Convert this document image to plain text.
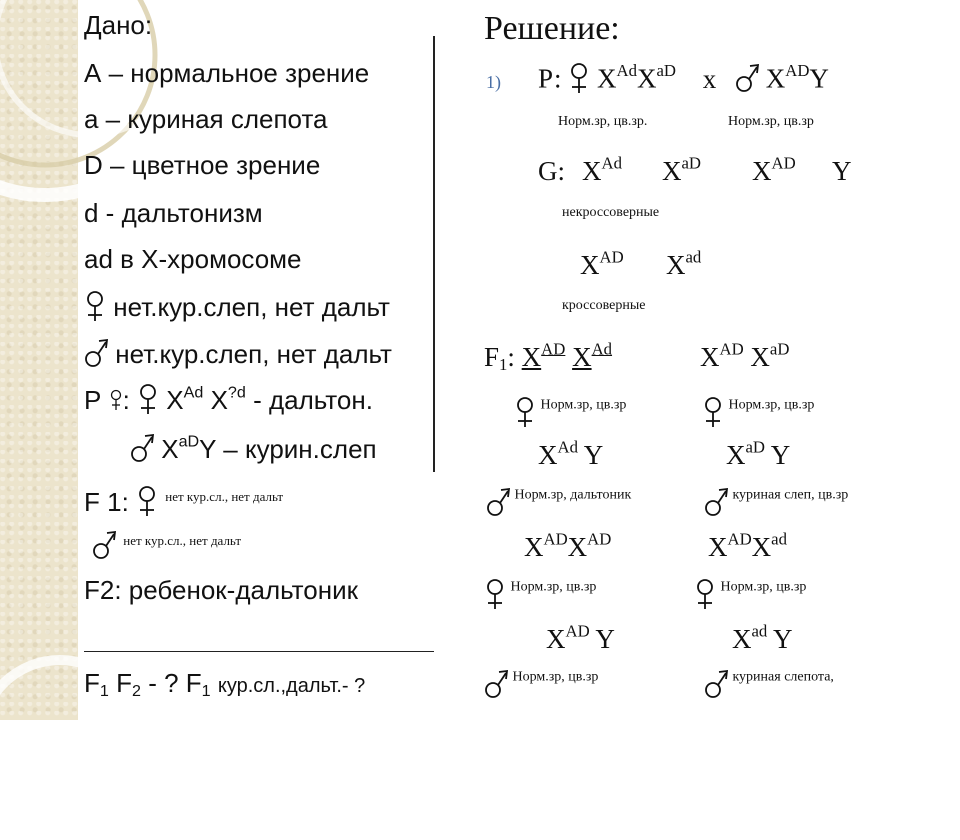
Дано:
А – нормальное зрение
а – куриная слепота
D – цветное зрение
d - дальтонизм
аd в Х-хромосоме
нет.кур.слеп, нет дальт
нет.кур.слеп, нет дальт
Р : $Х^{Аd}$ $Х^{?d}$ - дальтон.
$Х^{аD}Y$ – курин.слеп
F 1:	$^{нет кур.сл., нет дальт}$
$^{нет кур.сл., нет дальт}$
F2: ребенок-дальтоник
$F_1$ $F_2$ - ? $F_1$ кур.сл.,дальт.- ?
Решение:
1) Р: $Х^{Аd}Х^{аD}$ х $Х^{АD}Y$
Норм.зр, цв.зр.	Норм.зр, цв.зр
G: $Х^{Аd}$ $Х^{аD}$ $Х^{АD}$ Y
некроссоверные
$Х^{АD}$ $Х^{аd}$
кроссоверные
$F_1$: $Х^{АD}$ $Х^{Аd}$	$Х^{АD}$ $Х^{аD}$
Норм.зр, цв.зр	Норм.зр, цв.зр
$Х^{Аd}$ Y	$Х^{аD}$ Y
Норм.зр, дальтоник	куриная слеп, цв.зр
$Х^{АD}Х^{АD}$	$Х^{АD}Х^{аd}$
Норм.зр, цв.зр	Норм.зр, цв.зр
$Х^{АD}$ Y	$Х^{аd}$ Y
Норм.зр, цв.зр	куриная слепота,
